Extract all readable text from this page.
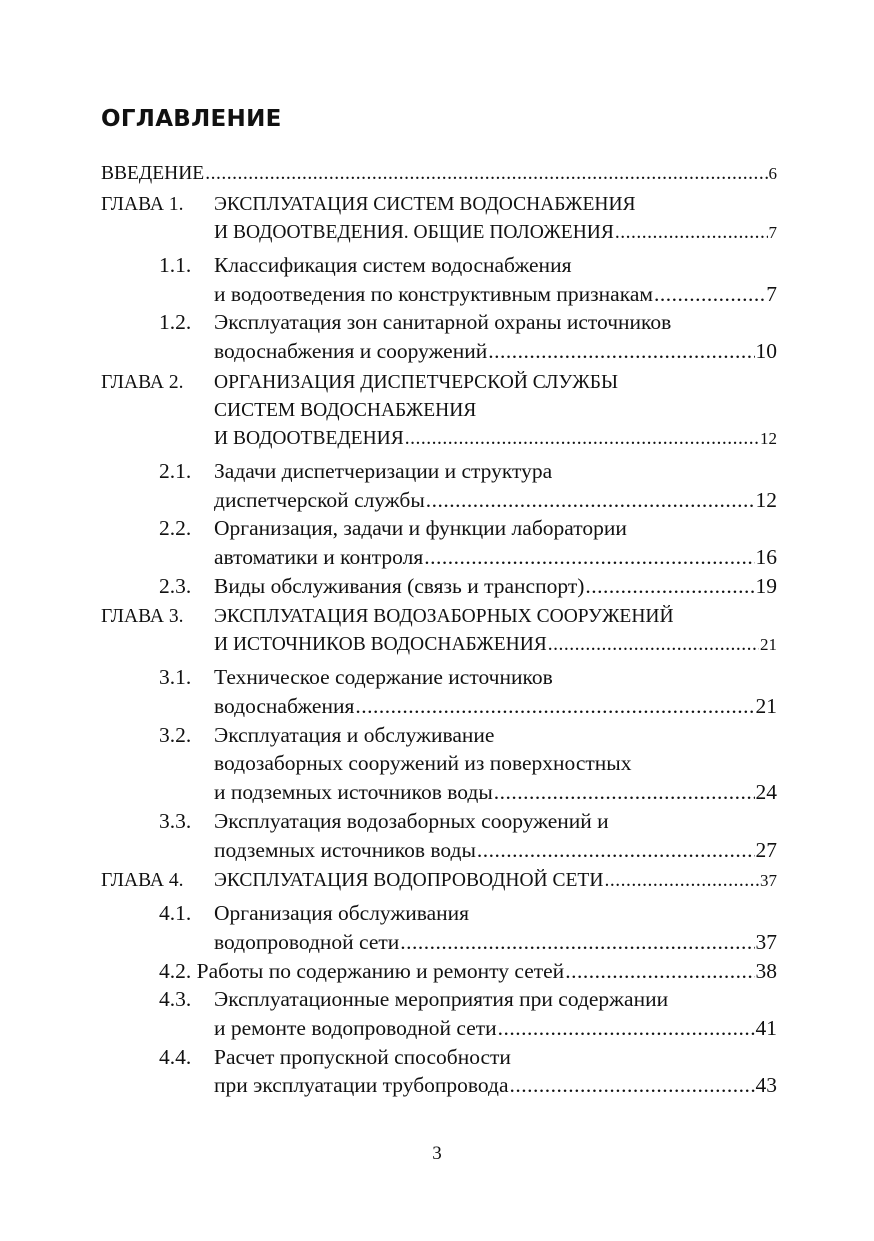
ОГЛАВЛЕНИЕ
ВВЕДЕНИЕ .....	6
ГЛАВА 1. ЭКСПЛУАТАЦИЯ СИСТЕМ ВОДОСНАБЖЕНИЯ
И ВОДООТВЕДЕНИЯ. ОБЩИЕ ПОЛОЖЕНИЯ .....	7
1.1. Классификация систем водоснабжения
и водоотведения по конструктивным признакам .....	7
1.2. Эксплуатация зон санитарной охраны источников
водоснабжения и сооружений .....	10
ГЛАВА 2. ОРГАНИЗАЦИЯ ДИСПЕТЧЕРСКОЙ СЛУЖБЫ
СИСТЕМ ВОДОСНАБЖЕНИЯ
И ВОДООТВЕДЕНИЯ .....	12
2.1. Задачи диспетчеризации и структура
диспетчерской службы .....	12
2.2. Организация, задачи и функции лаборатории
автоматики и контроля .....	16
2.3. Виды обслуживания (связь и транспорт) .....	19
ГЛАВА 3. ЭКСПЛУАТАЦИЯ ВОДОЗАБОРНЫХ СООРУЖЕНИЙ
И ИСТОЧНИКОВ ВОДОСНАБЖЕНИЯ .....	21
3.1. Техническое содержание источников
водоснабжения .....	21
3.2. Эксплуатация и обслуживание
водозаборных сооружений из поверхностных
и подземных источников воды .....	24
3.3. Эксплуатация водозаборных сооружений и
подземных источников воды .....	27
ГЛАВА 4. ЭКСПЛУАТАЦИЯ ВОДОПРОВОДНОЙ СЕТИ .....	37
4.1. Организация обслуживания
водопроводной сети .....	37
4.2. Работы по содержанию и ремонту сетей .....	38
4.3. Эксплуатационные мероприятия при содержании
и ремонте водопроводной сети .....	41
4.4. Расчет пропускной способности
при эксплуатации трубопровода .....	43
3
